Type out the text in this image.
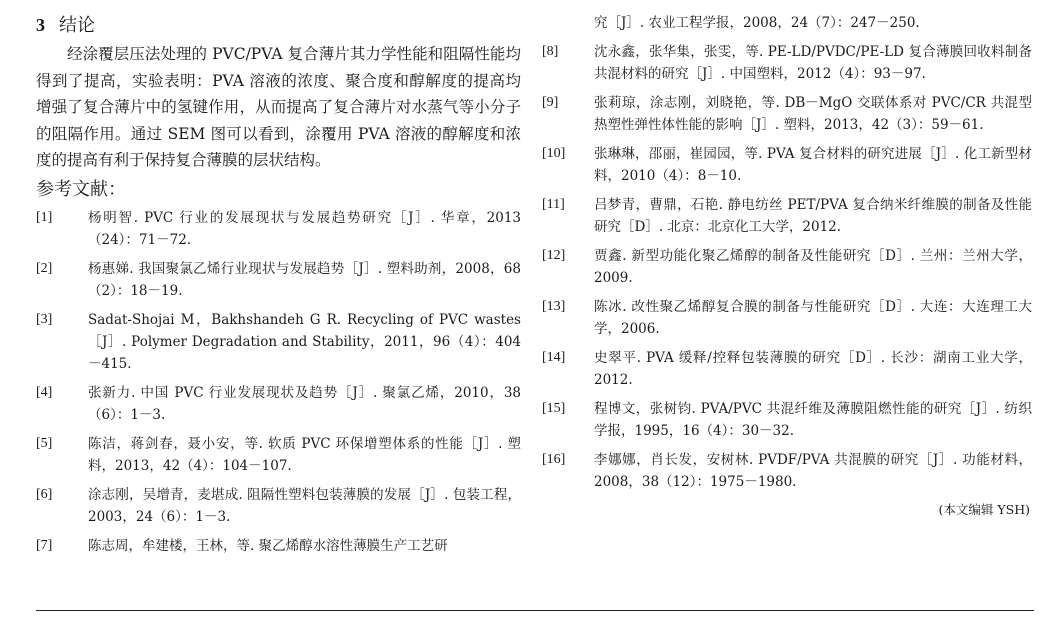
3 结论

经涂覆层压法处理的 PVC/PVA 复合薄片其力学性能和阻隔性能均得到了提高，实验表明：PVA 溶液的浓度、聚合度和醇解度的提高均增强了复合薄片中的氢键作用，从而提高了复合薄片对水蒸气等小分子的阻隔作用。通过 SEM 图可以看到，涂覆用 PVA 溶液的醇解度和浓度的提高有利于保持复合薄膜的层状结构。

参考文献：
[1]	杨明智. PVC 行业的发展现状与发展趋势研究［J］. 华章，2013（24）：71－72.
[2]	杨惠娣. 我国聚氯乙烯行业现状与发展趋势［J］. 塑料助剂，2008，68（2）：18－19.
[3]	Sadat-Shojai M，Bakhshandeh G R. Recycling of PVC wastes［J］. Polymer Degradation and Stability，2011，96（4）：404－415.
[4]	张新力. 中国 PVC 行业发展现状及趋势［J］. 聚氯乙烯，2010，38（6）：1－3.
[5]	陈洁，蒋剑春，聂小安，等. 软质 PVC 环保增塑体系的性能［J］. 塑料，2013，42（4）：104－107.
[6]	涂志刚，吴增青，麦堪成. 阻隔性塑料包装薄膜的发展［J］. 包装工程，2003，24（6）：1－3.
[7]	陈志周，牟建楼，王林，等. 聚乙烯醇水溶性薄膜生产工艺研
究［J］. 农业工程学报，2008，24（7）：247－250.
[8]	沈永鑫，张华集，张雯，等. PE-LD/PVDC/PE-LD 复合薄膜回收料制备共混材料的研究［J］. 中国塑料，2012（4）：93－97.
[9]	张莉琼，涂志刚，刘晓艳，等. DB－MgO 交联体系对 PVC/CR 共混型热塑性弹性体性能的影响［J］. 塑料，2013，42（3）：59－61.
[10]	张琳琳，邵丽，崔园园，等. PVA 复合材料的研究进展［J］. 化工新型材料，2010（4）：8－10.
[11]	吕梦青，曹鼎，石艳. 静电纺丝 PET/PVA 复合纳米纤维膜的制备及性能研究［D］. 北京：北京化工大学，2012.
[12]	贾鑫. 新型功能化聚乙烯醇的制备及性能研究［D］. 兰州：兰州大学，2009.
[13]	陈冰. 改性聚乙烯醇复合膜的制备与性能研究［D］. 大连：大连理工大学，2006.
[14]	史翠平. PVA 缓释/控释包装薄膜的研究［D］. 长沙：湖南工业大学，2012.
[15]	程博文，张树钧. PVA/PVC 共混纤维及薄膜阻燃性能的研究［J］. 纺织学报，1995，16（4）：30－32.
[16]	李娜娜，肖长发，安树林. PVDF/PVA 共混膜的研究［J］. 功能材料，2008，38（12）：1975－1980.
(本文编辑 YSH)
